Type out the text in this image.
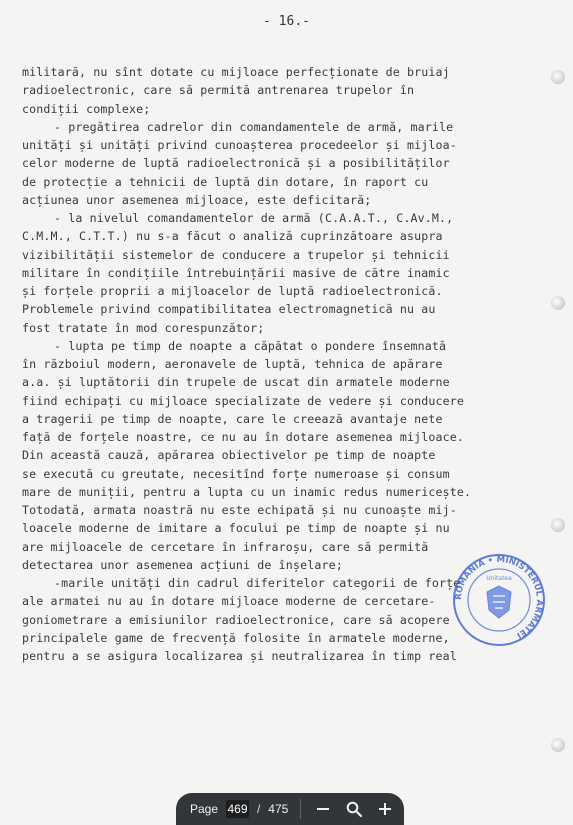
- 16.-
militară, nu sînt dotate cu mijloace perfecționate de bruiaj
radioelectronic, care să permită antrenarea trupelor în
condiții complexe;
- pregătirea cadrelor din comandamentele de armă, marile
unități și unități privind cunoașterea procedeelor și mijloa-
celor moderne de luptă radioelectronică și a posibilităților
de protecție a tehnicii de luptă din dotare, în raport cu
acțiunea unor asemenea mijloace, este deficitară;
- la nivelul comandamentelor de armă (C.A.A.T., C.Av.M.,
C.M.M., C.T.T.) nu s-a făcut o analiză cuprinzătoare asupra
vizibilității sistemelor de conducere a trupelor și tehnicii
militare în condițiile întrebuințării masive de către inamic
și forțele proprii a mijloacelor de luptă radioelectronică.
Problemele privind compatibilitatea electromagnetică nu au
fost tratate în mod corespunzător;
- lupta pe timp de noapte a căpătat o pondere însemnată
în războiul modern, aeronavele de luptă, tehnica de apărare
a.a. și luptătorii din trupele de uscat din armatele moderne
fiind echipați cu mijloace specializate de vedere și conducere
a tragerii pe timp de noapte, care le creează avantaje nete
față de forțele noastre, ce nu au în dotare asemenea mijloace.
Din această cauză, apărarea obiectivelor pe timp de noapte
se execută cu greutate, necesitînd forțe numeroase și consum
mare de muniții, pentru a lupta cu un inamic redus numericește.
Totodată, armata noastră nu este echipată și nu cunoaște mij-
loacele moderne de imitare a focului pe timp de noapte și nu
are mijloacele de cercetare în infraroșu, care să permită
detectarea unor asemenea acțiuni de înșelare;
-marile unități din cadrul diferitelor categorii de forțe
ale armatei nu au în dotare mijloace moderne de cercetare-
goniometrare a emisiunilor radioelectronice, care să acopere
principalele game de frecvență folosite în armatele moderne,
pentru a se asigura localizarea și neutralizarea în timp real
ROMÂNIA • MINISTERUL ARMATEI
Unitatea
Page 469 / 475
